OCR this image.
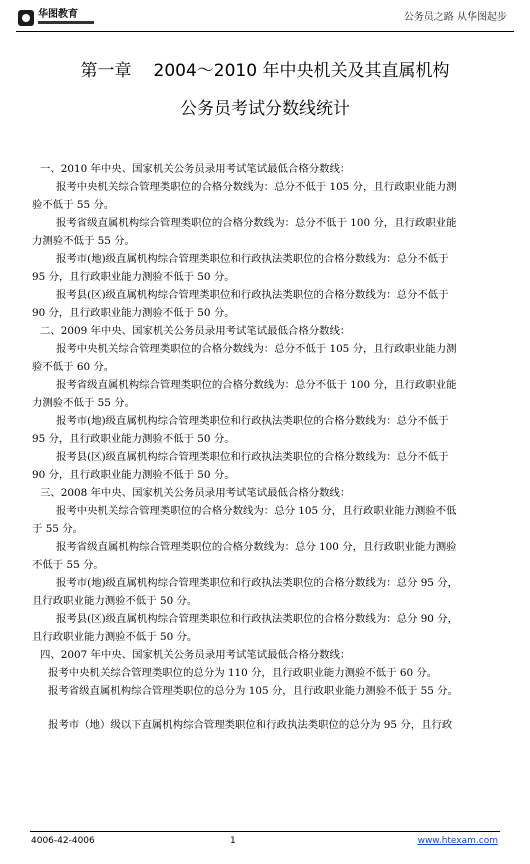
华图教育	公务员之路 从华图起步
第一章 2004～2010 年中央机关及其直属机构
公务员考试分数线统计
一、2010 年中央、国家机关公务员录用考试笔试最低合格分数线：
报考中央机关综合管理类职位的合格分数线为：总分不低于 105 分，且行政职业能力测
验不低于 55 分。
报考省级直属机构综合管理类职位的合格分数线为：总分不低于 100 分，且行政职业能
力测验不低于 55 分。
报考市(地)级直属机构综合管理类职位和行政执法类职位的合格分数线为：总分不低于
95 分，且行政职业能力测验不低于 50 分。
报考县(区)级直属机构综合管理类职位和行政执法类职位的合格分数线为：总分不低于
90 分，且行政职业能力测验不低于 50 分。
二、2009 年中央、国家机关公务员录用考试笔试最低合格分数线：
报考中央机关综合管理类职位的合格分数线为：总分不低于 105 分，且行政职业能力测
验不低于 60 分。
报考省级直属机构综合管理类职位的合格分数线为：总分不低于 100 分，且行政职业能
力测验不低于 55 分。
报考市(地)级直属机构综合管理类职位和行政执法类职位的合格分数线为：总分不低于
95 分，且行政职业能力测验不低于 50 分。
报考县(区)级直属机构综合管理类职位和行政执法类职位的合格分数线为：总分不低于
90 分，且行政职业能力测验不低于 50 分。
三、2008 年中央、国家机关公务员录用考试笔试最低合格分数线：
报考中央机关综合管理类职位的合格分数线为：总分 105 分，且行政职业能力测验不低
于 55 分。
报考省级直属机构综合管理类职位的合格分数线为：总分 100 分，且行政职业能力测验
不低于 55 分。
报考市(地)级直属机构综合管理类职位和行政执法类职位的合格分数线为：总分 95 分，
且行政职业能力测验不低于 50 分。
报考县(区)级直属机构综合管理类职位和行政执法类职位的合格分数线为：总分 90 分，
且行政职业能力测验不低于 50 分。
四、2007 年中央、国家机关公务员录用考试笔试最低合格分数线：
报考中央机关综合管理类职位的总分为 110 分，且行政职业能力测验不低于 60 分。
报考省级直属机构综合管理类职位的总分为 105 分，且行政职业能力测验不低于 55 分。
报考市（地）级以下直属机构综合管理类职位和行政执法类职位的总分为 95 分，且行政
4006-42-4006	1	www.htexam.com
